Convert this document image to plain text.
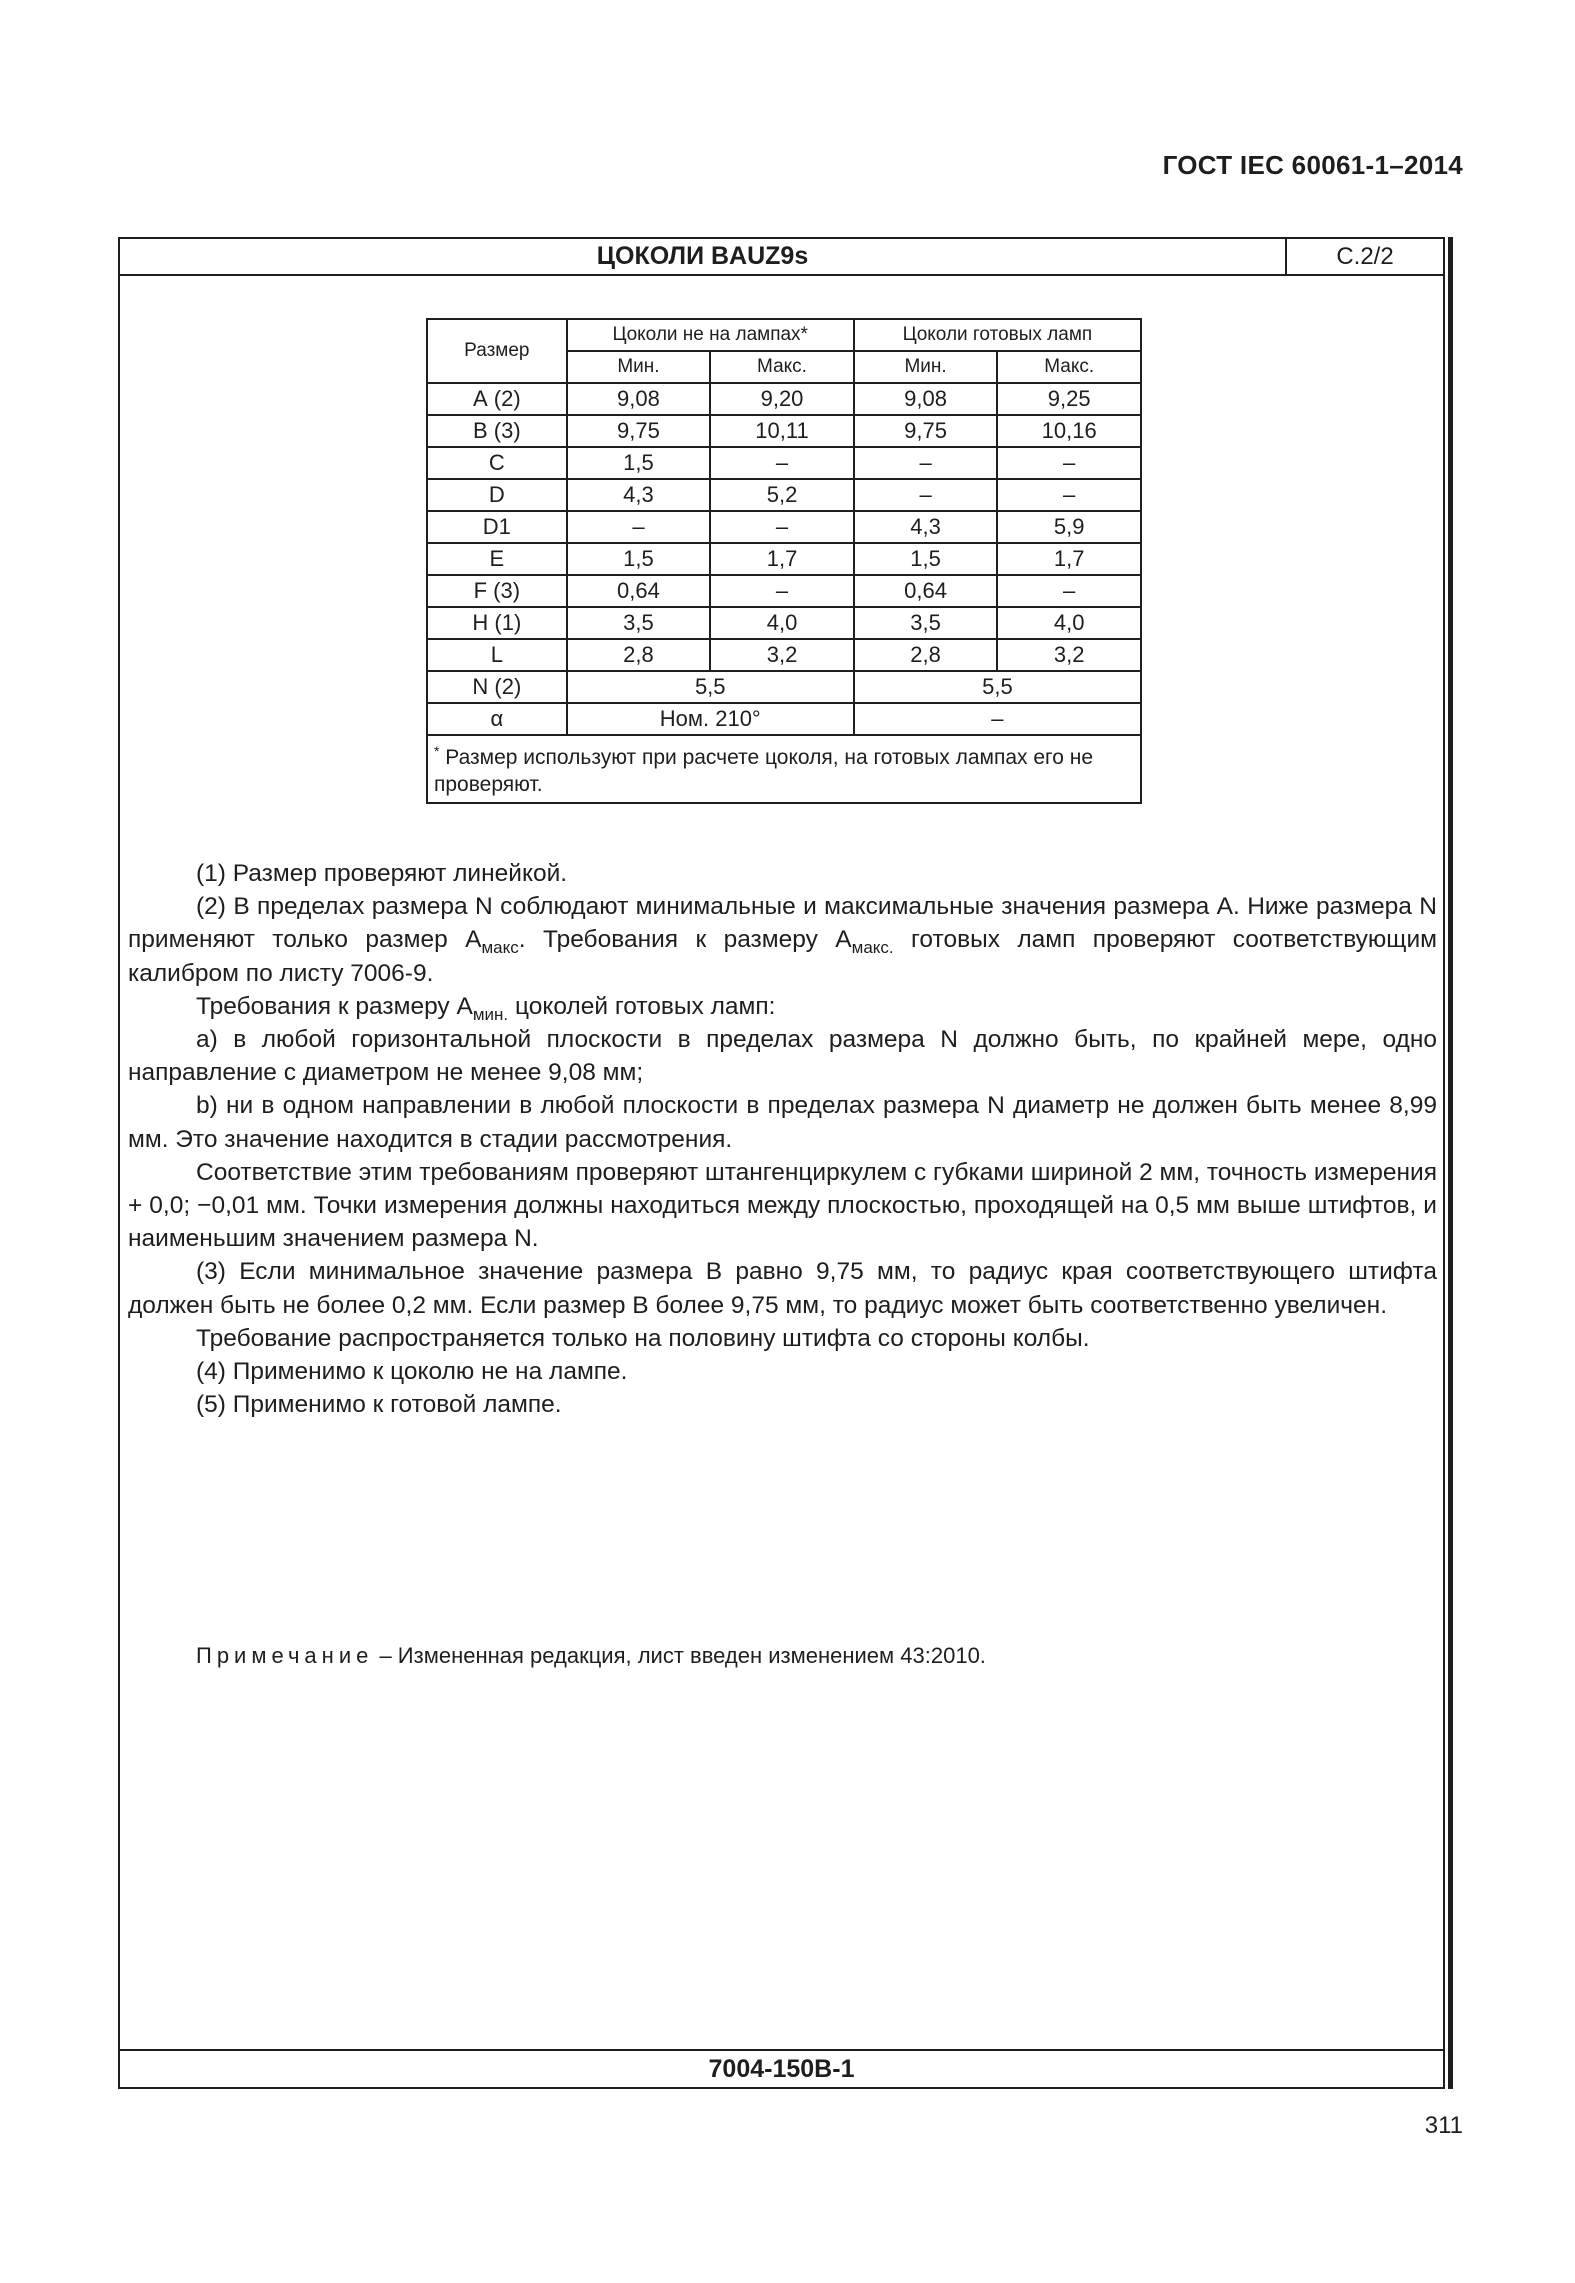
ГОСТ IEC 60061-1–2014
ЦОКОЛИ BAUZ9s	С.2/2
Размер	Цоколи не на лампах*		Цоколи готовых ламп	
	Мин.	Макс.	Мин.	Макс.
А (2)	9,08	9,20	9,08	9,25
В (3)	9,75	10,11	9,75	10,16
С	1,5	–	–	–
D	4,3	5,2	–	–
D1	–	–	4,3	5,9
Е	1,5	1,7	1,5	1,7
F (3)	0,64	–	0,64	–
Н (1)	3,5	4,0	3,5	4,0
L	2,8	3,2	2,8	3,2
N (2)	5,5		5,5	
α	Ном. 210°		–	
* Размер используют при расчете цоколя, на готовых лампах его не проверяют.				

(1) Размер проверяют линейкой.

(2) В пределах размера N соблюдают минимальные и максимальные значения размера А. Ниже размера N применяют только размер $А_{макс}$. Требования к размеру $А_{макс.}$ готовых ламп проверяют соответствующим калибром по листу 7006-9.

Требования к размеру $А_{мин.}$ цоколей готовых ламп:

а) в любой горизонтальной плоскости в пределах размера N должно быть, по крайней мере, одно направление с диаметром не менее 9,08 мм;

b) ни в одном направлении в любой плоскости в пределах размера N диаметр не должен быть менее 8,99 мм. Это значение находится в стадии рассмотрения.

Соответствие этим требованиям проверяют штангенциркулем с губками шириной 2 мм, точность измерения + 0,0; −0,01 мм. Точки измерения должны находиться между плоскостью, проходящей на 0,5 мм выше штифтов, и наименьшим значением размера N.

(3) Если минимальное значение размера В равно 9,75 мм, то радиус края соответствующего штифта должен быть не более 0,2 мм. Если размер В более 9,75 мм, то радиус может быть соответственно увеличен.

Требование распространяется только на половину штифта со стороны колбы.

(4) Применимо к цоколю не на лампе.

(5) Применимо к готовой лампе.

Примечание – Измененная редакция, лист введен изменением 43:2010.
7004-150В-1
311
